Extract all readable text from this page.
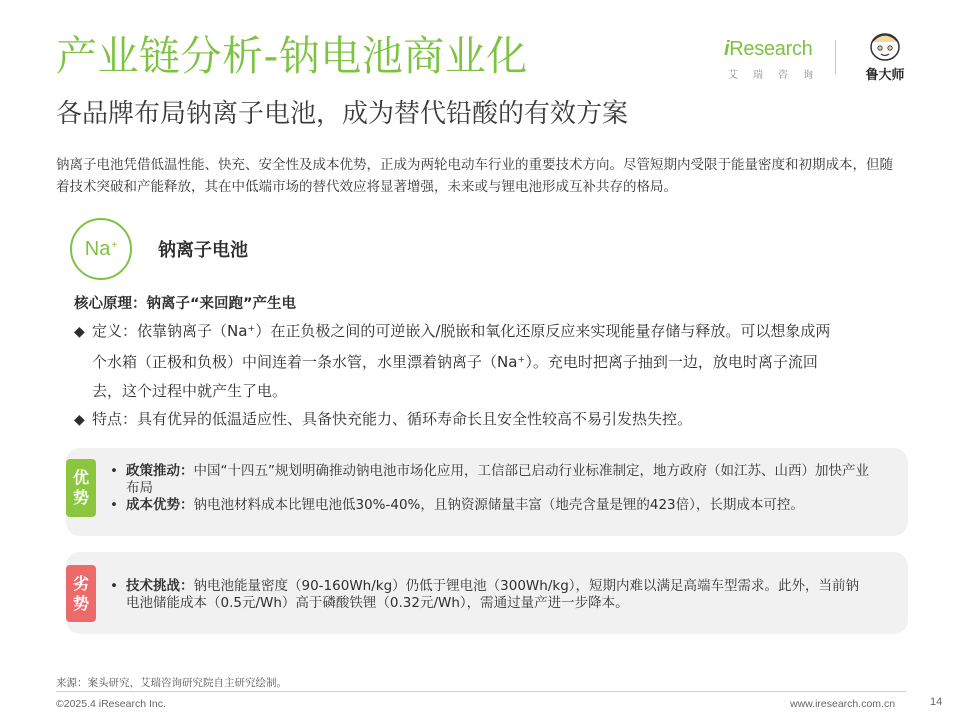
产业链分析-钠电池商业化
各品牌布局钠离子电池，成为替代铅酸的有效方案
iResearch
艾瑞咨询	鲁大师
钠离子电池凭借低温性能、快充、安全性及成本优势，正成为两轮电动车行业的重要技术方向。尽管短期内受限于能量密度和初期成本，但随着技术突破和产能释放，其在中低端市场的替代效应将显著增强，未来或与锂电池形成互补共存的格局。
Na+ 钠离子电池
核心原理：钠离子“来回跑”产生电
◆ 定义：依靠钠离子（Na⁺）在正负极之间的可逆嵌入/脱嵌和氧化还原反应来实现能量存储与释放。可以想象成两
个水箱（正极和负极）中间连着一条水管，水里漂着钠离子（Na⁺）。充电时把离子抽到一边，放电时离子流回
去，这个过程中就产生了电。
◆ 特点：具有优异的低温适应性、具备快充能力、循环寿命长且安全性较高不易引发热失控。
优
势
• 政策推动：中国“十四五”规划明确推动钠电池市场化应用，工信部已启动行业标准制定，地方政府（如江苏、山西）加快产业布局
• 成本优势：钠电池材料成本比锂电池低30%-40%，且钠资源储量丰富（地壳含量是锂的423倍），长期成本可控。
劣
势
• 技术挑战：钠电池能量密度（90-160Wh/kg）仍低于锂电池（300Wh/kg），短期内难以满足高端车型需求。此外，当前钠电池储能成本（0.5元/Wh）高于磷酸铁锂（0.32元/Wh），需通过量产进一步降本。
来源：案头研究，艾瑞咨询研究院自主研究绘制。
©2025.4 iResearch Inc.	www.iresearch.com.cn	14
